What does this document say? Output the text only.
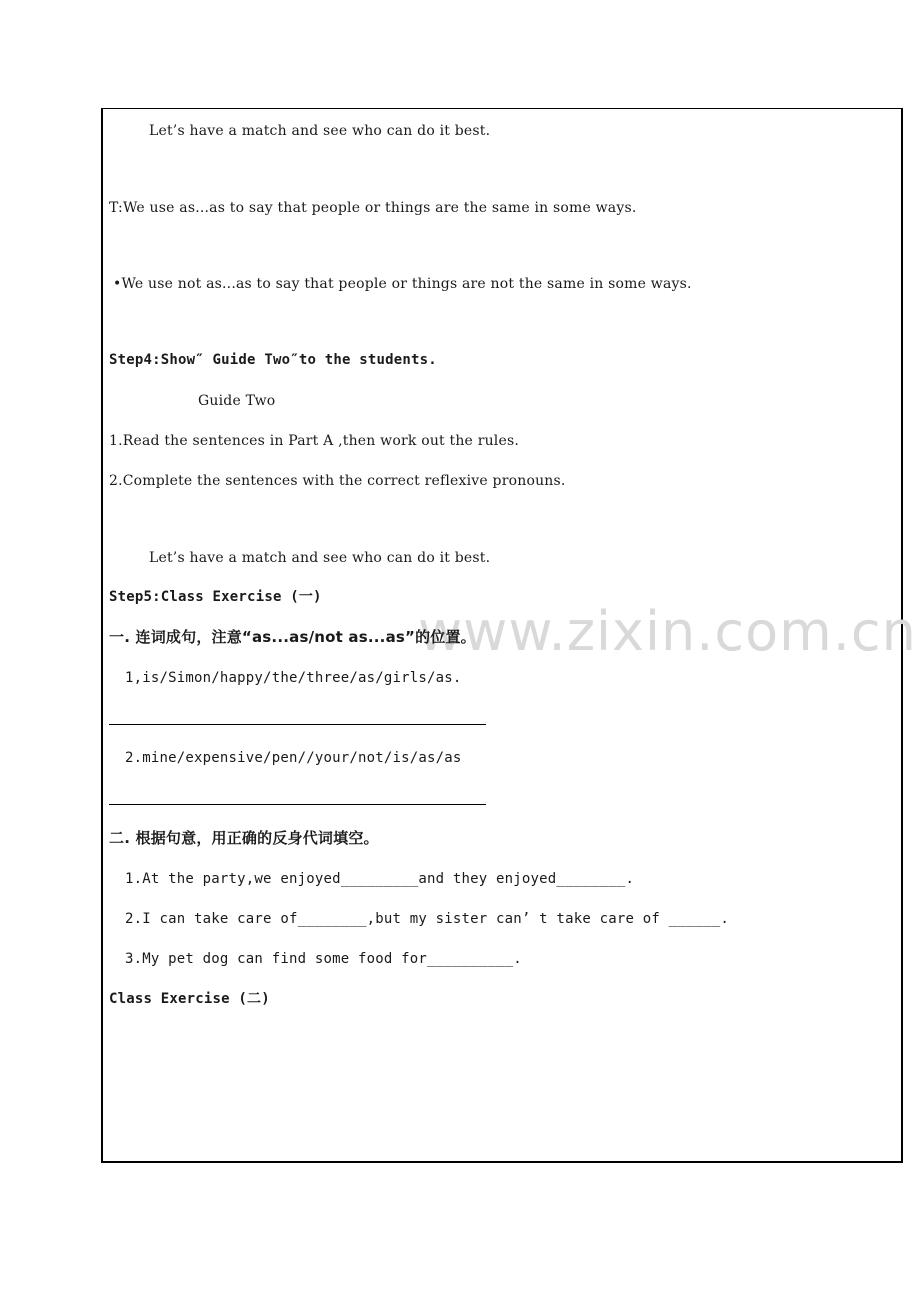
www.zixin.com.cn
Let’s have a match and see who can do it best.
T:We use as...as to say that people or things are the same in some ways.
•We use not as...as to say that people or things are not the same in some ways.
Step4:Show″ Guide Two″to the students.
Guide Two
1.Read the sentences in Part A ,then work out the rules.
2.Complete the sentences with the correct reflexive pronouns.
Let’s have a match and see who can do it best.
Step5:Class Exercise (一)
一. 连词成句，注意“as...as/not as...as”的位置。
1,is/Simon/happy/the/three/as/girls/as.
2.mine/expensive/pen//your/not/is/as/as
二. 根据句意，用正确的反身代词填空。
1.At the party,we enjoyed_________and they enjoyed________.
2.I can take care of________,but my sister can’ t take care of ______.
3.My pet dog can find some food for__________.
Class Exercise (二)
